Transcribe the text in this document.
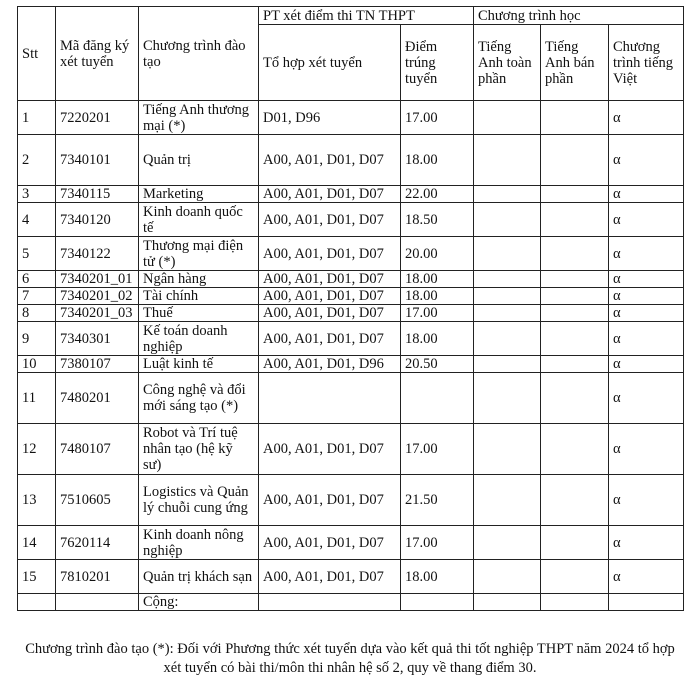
Stt	Mã đăng ký xét tuyển	Chương trình đào tạo	PT xét điểm thi TN THPT		Chương trình học		
			Tổ hợp xét tuyển	Điểm trúng tuyển	Tiếng Anh toàn phần	Tiếng Anh bán phần	Chương trình tiếng Việt
1	7220201	Tiếng Anh thương mại (*)	D01, D96	17.00			α
2	7340101	Quản trị	A00, A01, D01, D07	18.00			α
3	7340115	Marketing	A00, A01, D01, D07	22.00			α
4	7340120	Kinh doanh quốc tế	A00, A01, D01, D07	18.50			α
5	7340122	Thương mại điện tử (*)	A00, A01, D01, D07	20.00			α
6	7340201_01	Ngân hàng	A00, A01, D01, D07	18.00			α
7	7340201_02	Tài chính	A00, A01, D01, D07	18.00			α
8	7340201_03	Thuế	A00, A01, D01, D07	17.00			α
9	7340301	Kế toán doanh nghiệp	A00, A01, D01, D07	18.00			α
10	7380107	Luật kinh tế	A00, A01, D01, D96	20.50			α
11	7480201	Công nghệ và đổi mới sáng tạo (*)					α
12	7480107	Robot và Trí tuệ nhân tạo (hệ kỹ sư)	A00, A01, D01, D07	17.00			α
13	7510605	Logistics và Quản lý chuỗi cung ứng	A00, A01, D01, D07	21.50			α
14	7620114	Kinh doanh nông nghiệp	A00, A01, D01, D07	17.00			α
15	7810201	Quản trị khách sạn	A00, A01, D01, D07	18.00			α
		Cộng:					
Chương trình đào tạo (*): Đối với Phương thức xét tuyển dựa vào kết quả thi tốt nghiệp THPT năm 2024 tổ hợp xét tuyển có bài thi/môn thi nhân hệ số 2, quy về thang điểm 30.
